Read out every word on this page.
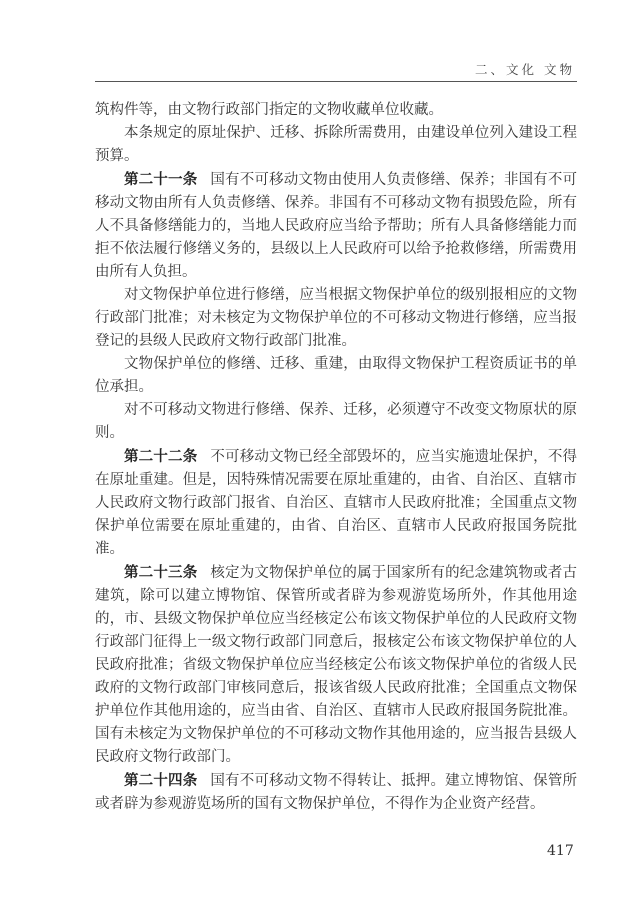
二、文化 文物

筑构件等，由文物行政部门指定的文物收藏单位收藏。

本条规定的原址保护、迁移、拆除所需费用，由建设单位列入建设工程预算。

第二十一条 国有不可移动文物由使用人负责修缮、保养；非国有不可移动文物由所有人负责修缮、保养。非国有不可移动文物有损毁危险，所有人不具备修缮能力的，当地人民政府应当给予帮助；所有人具备修缮能力而拒不依法履行修缮义务的，县级以上人民政府可以给予抢救修缮，所需费用由所有人负担。

对文物保护单位进行修缮，应当根据文物保护单位的级别报相应的文物行政部门批准；对未核定为文物保护单位的不可移动文物进行修缮，应当报登记的县级人民政府文物行政部门批准。

文物保护单位的修缮、迁移、重建，由取得文物保护工程资质证书的单位承担。

对不可移动文物进行修缮、保养、迁移，必须遵守不改变文物原状的原则。

第二十二条 不可移动文物已经全部毁坏的，应当实施遗址保护，不得在原址重建。但是，因特殊情况需要在原址重建的，由省、自治区、直辖市人民政府文物行政部门报省、自治区、直辖市人民政府批准；全国重点文物保护单位需要在原址重建的，由省、自治区、直辖市人民政府报国务院批准。

第二十三条 核定为文物保护单位的属于国家所有的纪念建筑物或者古建筑，除可以建立博物馆、保管所或者辟为参观游览场所外，作其他用途的，市、县级文物保护单位应当经核定公布该文物保护单位的人民政府文物行政部门征得上一级文物行政部门同意后，报核定公布该文物保护单位的人民政府批准；省级文物保护单位应当经核定公布该文物保护单位的省级人民政府的文物行政部门审核同意后，报该省级人民政府批准；全国重点文物保护单位作其他用途的，应当由省、自治区、直辖市人民政府报国务院批准。国有未核定为文物保护单位的不可移动文物作其他用途的，应当报告县级人民政府文物行政部门。

第二十四条 国有不可移动文物不得转让、抵押。建立博物馆、保管所或者辟为参观游览场所的国有文物保护单位，不得作为企业资产经营。

417
